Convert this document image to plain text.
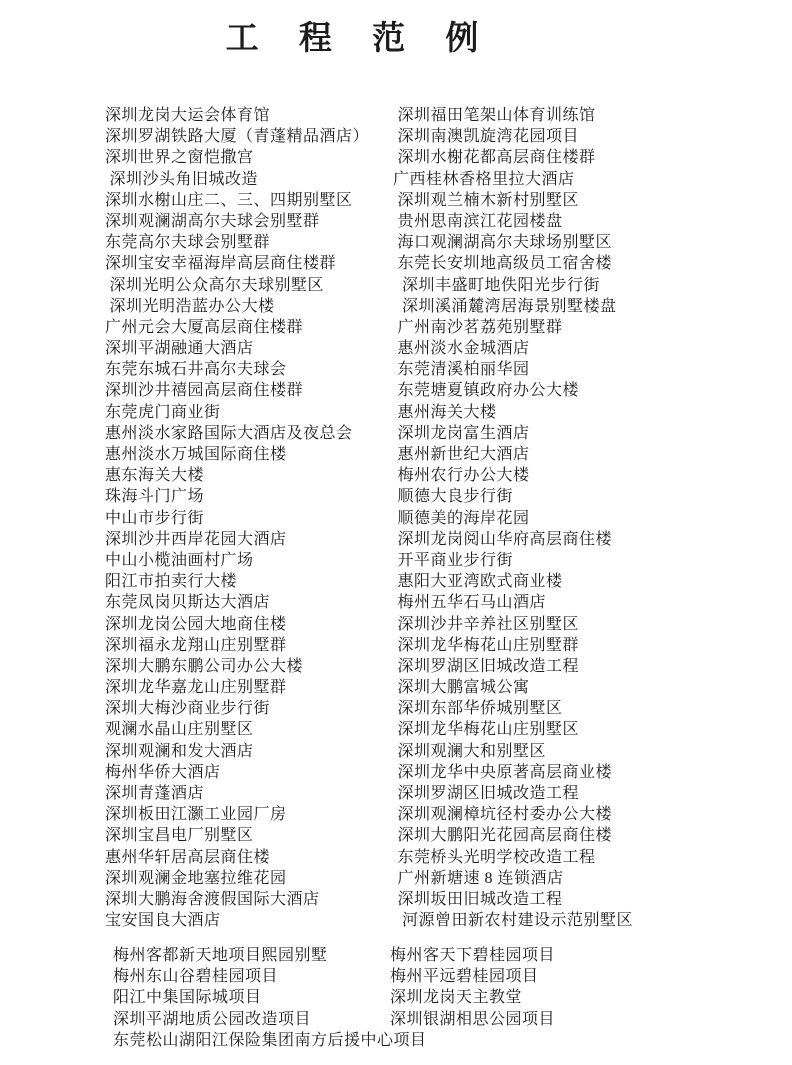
工 程 范 例
深圳龙岗大运会体育馆	深圳福田笔架山体育训练馆
深圳罗湖铁路大厦（青蓬精品酒店） 深圳南澳凯旋湾花园项目
深圳世界之窗恺撒宫	深圳水榭花都高层商住楼群
深圳沙头角旧城改造	广西桂林香格里拉大酒店
深圳水榭山庄二、三、四期别墅区	深圳观兰楠木新村别墅区
深圳观澜湖高尔夫球会别墅群	贵州思南滨江花园楼盘
东莞高尔夫球会别墅群	海口观澜湖高尔夫球场别墅区
深圳宝安幸福海岸高层商住楼群	东莞长安圳地高级员工宿舍楼
深圳光明公众高尔夫球别墅区	深圳丰盛町地佚阳光步行街
深圳光明浩蓝办公大楼	深圳溪涌麓湾居海景别墅楼盘
广州元会大厦高层商住楼群	广州南沙茗荔苑别墅群
深圳平湖融通大酒店	惠州淡水金城酒店
东莞东城石井高尔夫球会	东莞清溪柏丽华园
深圳沙井禧园高层商住楼群	东莞塘夏镇政府办公大楼
东莞虎门商业街	惠州海关大楼
惠州淡水家路国际大酒店及夜总会	深圳龙岗富生酒店
惠州淡水万城国际商住楼	惠州新世纪大酒店
惠东海关大楼	梅州农行办公大楼
珠海斗门广场	顺德大良步行街
中山市步行街	顺德美的海岸花园
深圳沙井西岸花园大酒店	深圳龙岗阅山华府高层商住楼
中山小榄油画村广场	开平商业步行街
阳江市拍卖行大楼	惠阳大亚湾欧式商业楼
东莞凤岗贝斯达大酒店	梅州五华石马山酒店
深圳龙岗公园大地商住楼	深圳沙井辛养社区别墅区
深圳福永龙翔山庄别墅群	深圳龙华梅花山庄别墅群
深圳大鹏东鹏公司办公大楼	深圳罗湖区旧城改造工程
深圳龙华嘉龙山庄别墅群	深圳大鹏富城公寓
深圳大梅沙商业步行街	深圳东部华侨城别墅区
观澜水晶山庄别墅区	深圳龙华梅花山庄别墅区
深圳观澜和发大酒店	深圳观澜大和别墅区
梅州华侨大酒店	深圳龙华中央原著高层商业楼
深圳青蓬酒店	深圳罗湖区旧城改造工程
深圳板田江灏工业园厂房	深圳观澜樟坑径村委办公大楼
深圳宝昌电厂别墅区	深圳大鹏阳光花园高层商住楼
惠州华轩居高层商住楼	东莞桥头光明学校改造工程
深圳观澜金地塞拉维花园	广州新塘速 8 连锁酒店
深圳大鹏海舍渡假国际大酒店	深圳坂田旧城改造工程
宝安国良大酒店	河源曾田新农村建设示范别墅区
梅州客都新天地项目熙园别墅	梅州客天下碧桂园项目
梅州东山谷碧桂园项目	梅州平远碧桂园项目
阳江中集国际城项目	深圳龙岗天主教堂
深圳平湖地质公园改造项目	深圳银湖相思公园项目
东莞松山湖阳江保险集团南方后援中心项目
